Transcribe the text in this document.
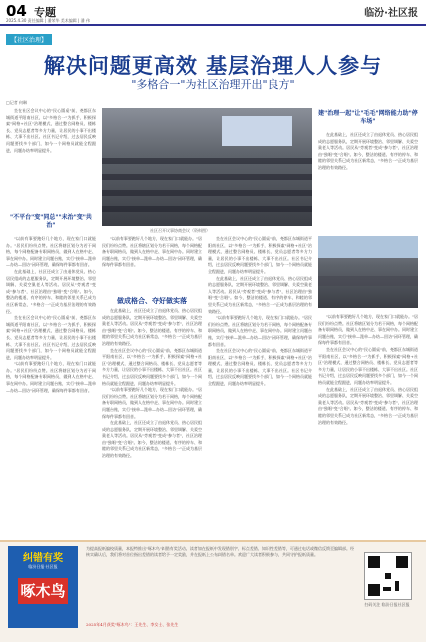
04 专题
2025.4.30 责任编辑 | 潘荣华 美术编辑 | 潘 伟
临汾·社区报
【社区治理】
解决问题更高效 基层治理人人参与
"多格合一"为社区治理开出"良方"
□记者 何琳

坐在社区会议中心的"民心圆桌"前，尧都区东城街道平阳南社区，以"多格合一"为抓手，积极探索"网格+社区"治理模式，通过整合网格员、楼栋长、党员志愿者等多方力量，让居民的小事不出楼栋、大事不出社区。社区书记介绍，过去居民反映问题要找多个部门，如今一个网格员就能全程跟进，问题办结率明显提升。

"不平台"变"同总""未治"变"共治"

"以前有事要跑好几个地方，现在家门口就能办。"居民们纷纷点赞。社区将辖区划分为若干网格，每个网格配备专职网格员，做到人在格中走、事在网中办。同时建立问题台账，实行"接单—派单—办结—回访"闭环管理，确保每件事都有回音。

在此基础上，社区还成立了由退休党员、热心居民组成的志愿服务队，定期开展环境整治、邻里调解、关爱空巢老人等活动。居民从"旁观者"变成"参与者"，社区治理由"独唱"变"合唱"。如今，整洁的楼道、有序的停车、和睦的邻里关系已成为社区新常态，"多格合一"正成为基层治理的有效路径。

坐在社区会议中心的"民心圆桌"前，尧都区东城街道平阳南社区，以"多格合一"为抓手，积极探索"网格+社区"治理模式，通过整合网格员、楼栋长、党员志愿者等多方力量，让居民的小事不出楼栋、大事不出社区。社区书记介绍，过去居民反映问题要找多个部门，如今一个网格员就能全程跟进，问题办结率明显提升。

"以前有事要跑好几个地方，现在家门口就能办。"居民们纷纷点赞。社区将辖区划分为若干网格，每个网格配备专职网格员，做到人在格中走、事在网中办。同时建立问题台账，实行"接单—派单—办结—回访"闭环管理，确保每件事都有回音。

社区召开议事协商会议（资料图）

"以前有事要跑好几个地方，现在家门口就能办。"居民们纷纷点赞。社区将辖区划分为若干网格，每个网格配备专职网格员，做到人在格中走、事在网中办。同时建立问题台账，实行"接单—派单—办结—回访"闭环管理，确保每件事都有回音。

做成格合、夺好做实落

在此基础上，社区还成立了由退休党员、热心居民组成的志愿服务队，定期开展环境整治、邻里调解、关爱空巢老人等活动。居民从"旁观者"变成"参与者"，社区治理由"独唱"变"合唱"。如今，整洁的楼道、有序的停车、和睦的邻里关系已成为社区新常态，"多格合一"正成为基层治理的有效路径。

坐在社区会议中心的"民心圆桌"前，尧都区东城街道平阳南社区，以"多格合一"为抓手，积极探索"网格+社区"治理模式，通过整合网格员、楼栋长、党员志愿者等多方力量，让居民的小事不出楼栋、大事不出社区。社区书记介绍，过去居民反映问题要找多个部门，如今一个网格员就能全程跟进，问题办结率明显提升。

"以前有事要跑好几个地方，现在家门口就能办。"居民们纷纷点赞。社区将辖区划分为若干网格，每个网格配备专职网格员，做到人在格中走、事在网中办。同时建立问题台账，实行"接单—派单—办结—回访"闭环管理，确保每件事都有回音。

在此基础上，社区还成立了由退休党员、热心居民组成的志愿服务队，定期开展环境整治、邻里调解、关爱空巢老人等活动。居民从"旁观者"变成"参与者"，社区治理由"独唱"变"合唱"。如今，整洁的楼道、有序的停车、和睦的邻里关系已成为社区新常态，"多格合一"正成为基层治理的有效路径。

坐在社区会议中心的"民心圆桌"前，尧都区东城街道平阳南社区，以"多格合一"为抓手，积极探索"网格+社区"治理模式，通过整合网格员、楼栋长、党员志愿者等多方力量，让居民的小事不出楼栋、大事不出社区。社区书记介绍，过去居民反映问题要找多个部门，如今一个网格员就能全程跟进，问题办结率明显提升。

在此基础上，社区还成立了由退休党员、热心居民组成的志愿服务队，定期开展环境整治、邻里调解、关爱空巢老人等活动。居民从"旁观者"变成"参与者"，社区治理由"独唱"变"合唱"。如今，整洁的楼道、有序的停车、和睦的邻里关系已成为社区新常态，"多格合一"正成为基层治理的有效路径。

"以前有事要跑好几个地方，现在家门口就能办。"居民们纷纷点赞。社区将辖区划分为若干网格，每个网格配备专职网格员，做到人在格中走、事在网中办。同时建立问题台账，实行"接单—派单—办结—回访"闭环管理，确保每件事都有回音。

坐在社区会议中心的"民心圆桌"前，尧都区东城街道平阳南社区，以"多格合一"为抓手，积极探索"网格+社区"治理模式，通过整合网格员、楼栋长、党员志愿者等多方力量，让居民的小事不出楼栋、大事不出社区。社区书记介绍，过去居民反映问题要找多个部门，如今一个网格员就能全程跟进，问题办结率明显提升。

建"治理一起"让"毛毛"网络能力助"停车场"

在此基础上，社区还成立了由退休党员、热心居民组成的志愿服务队，定期开展环境整治、邻里调解、关爱空巢老人等活动。居民从"旁观者"变成"参与者"，社区治理由"独唱"变"合唱"。如今，整洁的楼道、有序的停车、和睦的邻里关系已成为社区新常态，"多格合一"正成为基层治理的有效路径。

"以前有事要跑好几个地方，现在家门口就能办。"居民们纷纷点赞。社区将辖区划分为若干网格，每个网格配备专职网格员，做到人在格中走、事在网中办。同时建立问题台账，实行"接单—派单—办结—回访"闭环管理，确保每件事都有回音。

坐在社区会议中心的"民心圆桌"前，尧都区东城街道平阳南社区，以"多格合一"为抓手，积极探索"网格+社区"治理模式，通过整合网格员、楼栋长、党员志愿者等多方力量，让居民的小事不出楼栋、大事不出社区。社区书记介绍，过去居民反映问题要找多个部门，如今一个网格员就能全程跟进，问题办结率明显提升。

在此基础上，社区还成立了由退休党员、热心居民组成的志愿服务队，定期开展环境整治、邻里调解、关爱空巢老人等活动。居民从"旁观者"变成"参与者"，社区治理由"独唱"变"合唱"。如今，整洁的楼道、有序的停车、和睦的邻里关系已成为社区新常态，"多格合一"正成为基层治理的有效路径。

纠错有奖
临汾日报·社区报
啄木鸟
为提高报纸编校质量，本报特推出"啄木鸟"纠错有奖活动。读者如在报纸中发现错别字、标点差错、知识性差错等，可通过电话或微信反馈至编辑部。经核实确认后，我们将对首位指出差错的读者给予一定奖励，并在报纸上公布纠错名单。欢迎广大读者积极参与，共同守护报纸质量。
2025年4月获奖"啄木鸟"：王先生、李女士、张先生
扫码关注 临汾日报社区报
